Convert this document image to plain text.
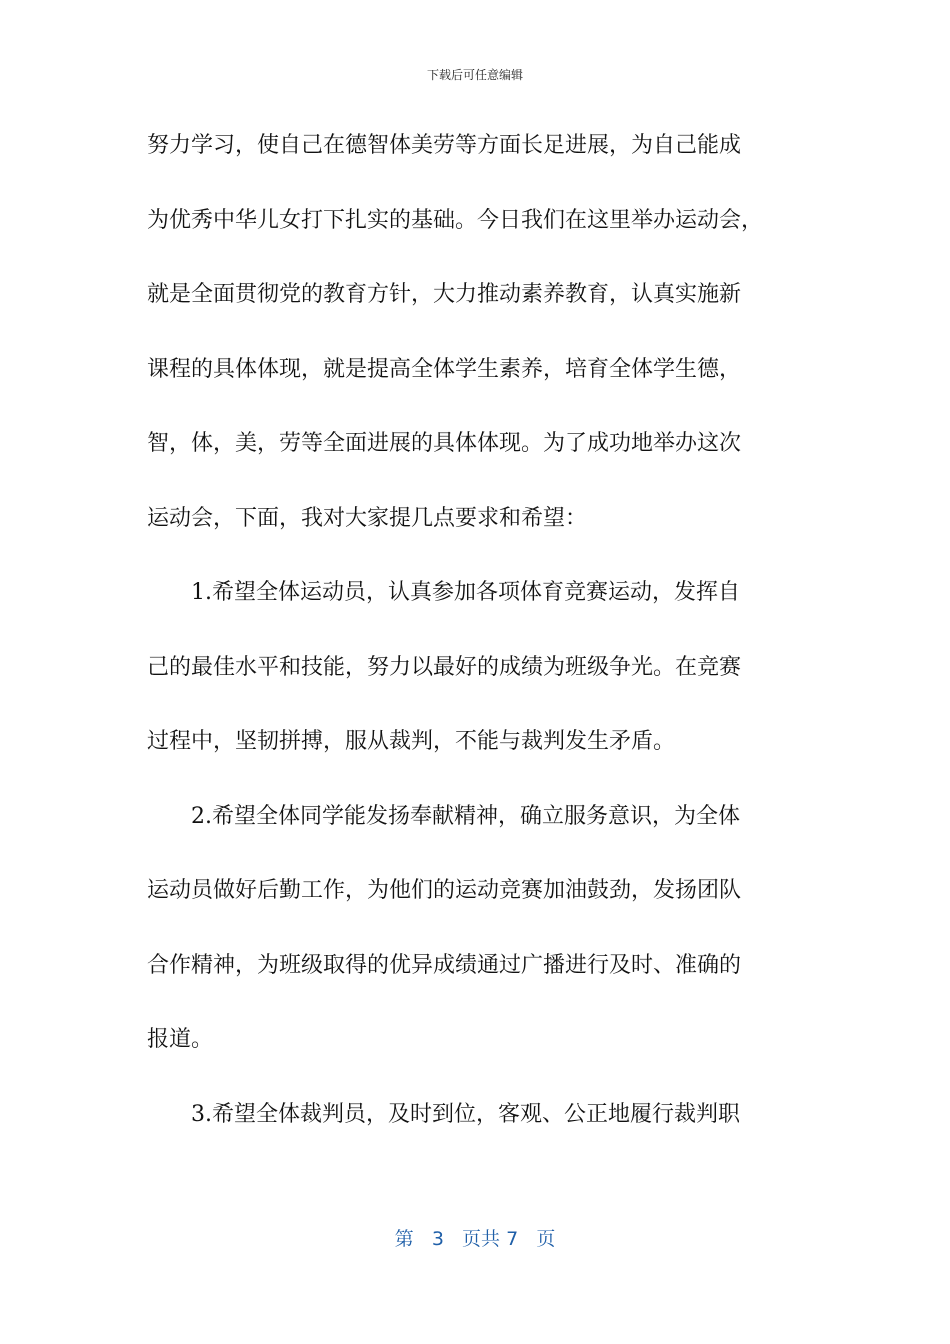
下载后可任意编辑
努力学习，使自己在德智体美劳等方面长足进展，为自己能成
为优秀中华儿女打下扎实的基础。今日我们在这里举办运动会，
就是全面贯彻党的教育方针，大力推动素养教育，认真实施新
课程的具体体现，就是提高全体学生素养，培育全体学生德，
智，体，美，劳等全面进展的具体体现。为了成功地举办这次
运动会，下面，我对大家提几点要求和希望：
1.希望全体运动员，认真参加各项体育竞赛运动，发挥自
己的最佳水平和技能，努力以最好的成绩为班级争光。在竞赛
过程中，坚韧拼搏，服从裁判，不能与裁判发生矛盾。
2.希望全体同学能发扬奉献精神，确立服务意识，为全体
运动员做好后勤工作，为他们的运动竞赛加油鼓劲，发扬团队
合作精神，为班级取得的优异成绩通过广播进行及时、准确的
报道。
3.希望全体裁判员，及时到位，客观、公正地履行裁判职
第 3 页共 7 页
